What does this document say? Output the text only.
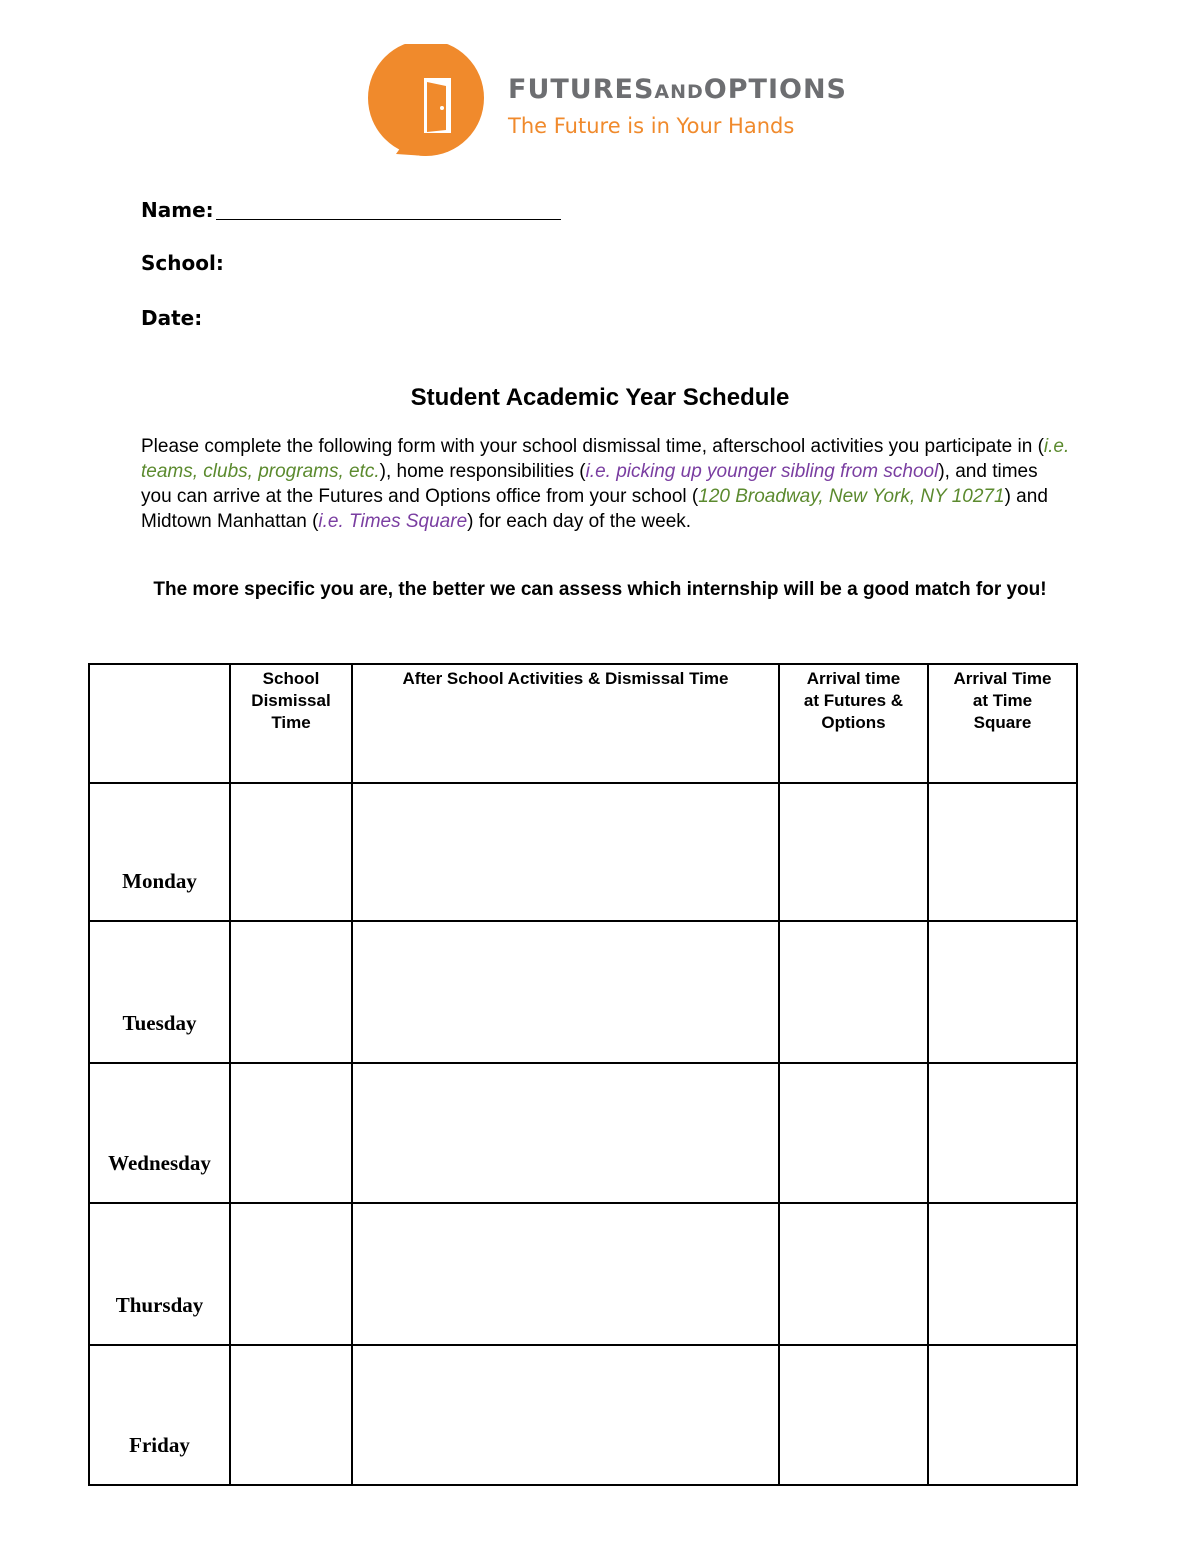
FUTURESANDOPTIONS
The Future is in Your Hands
Name:
School:
Date:
Student Academic Year Schedule
Please complete the following form with your school dismissal time, afterschool activities you participate in (i.e. teams, clubs, programs, etc.), home responsibilities (i.e. picking up younger sibling from school), and times you can arrive at the Futures and Options office from your school (120 Broadway, New York, NY 10271) and Midtown Manhattan (i.e. Times Square) for each day of the week.
The more specific you are, the better we can assess which internship will be a good match for you!
	School Dismissal Time	After School Activities & Dismissal Time	Arrival time at Futures & Options	Arrival Time at Time Square
Monday				
Tuesday				
Wednesday				
Thursday				
Friday				
